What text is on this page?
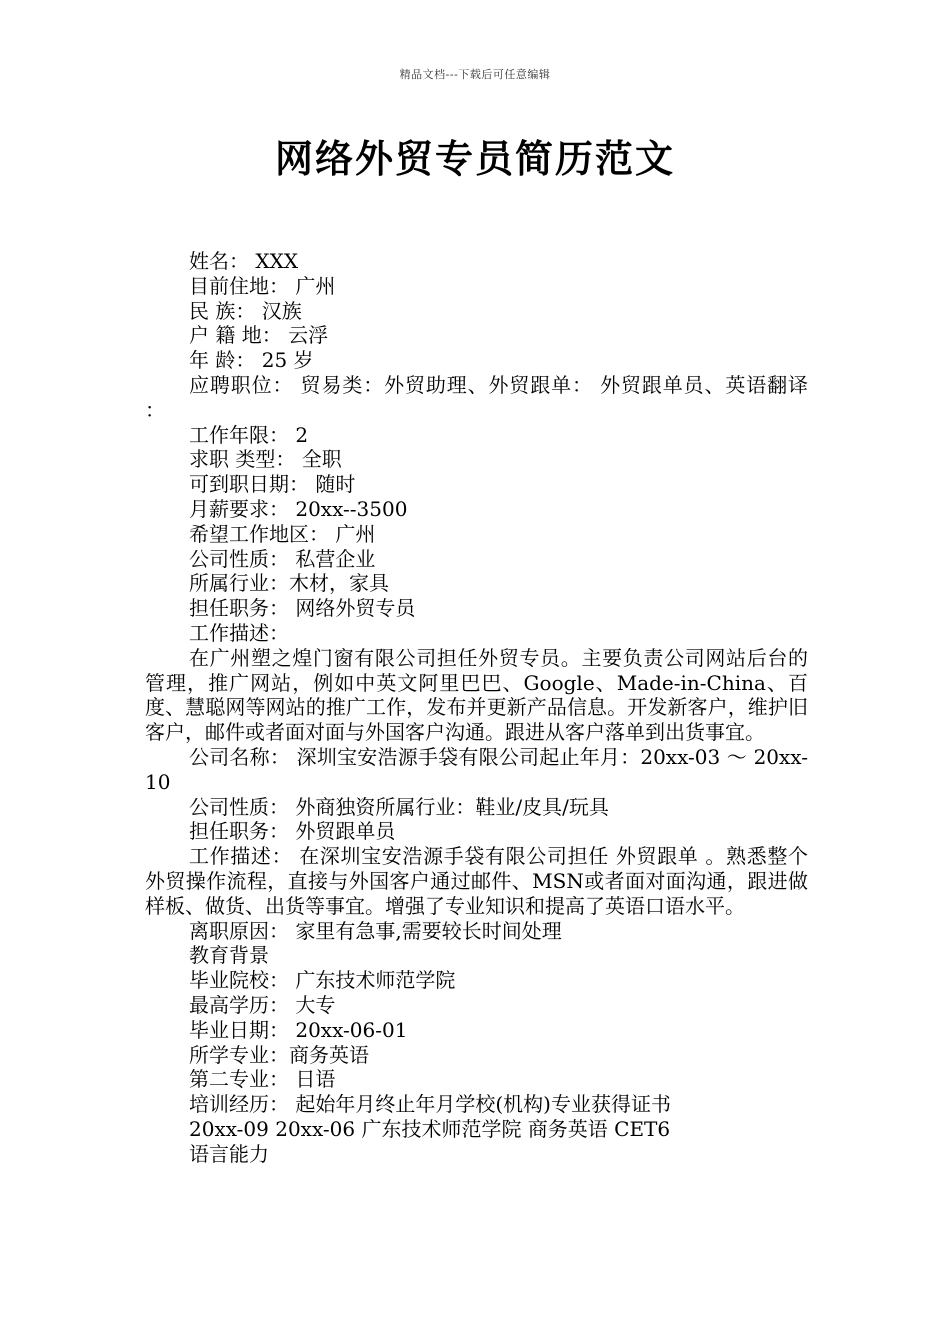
精品文档---下载后可任意编辑
网络外贸专员简历范文

姓名： XXX

目前住地： 广州

民 族： 汉族

户 籍 地： 云浮

年 龄： 25 岁

应聘职位： 贸易类：外贸助理、外贸跟单： 外贸跟单员、英语翻译 ：

工作年限： 2

求职 类型： 全职

可到职日期： 随时

月薪要求： 20xx--3500

希望工作地区： 广州

公司性质： 私营企业

所属行业：木材，家具

担任职务： 网络外贸专员

工作描述：

在广州塑之煌门窗有限公司担任外贸专员。主要负责公司网站后台的管理，推广网站，例如中英文阿里巴巴、Google、Made-in-China、百度、慧聪网等网站的推广工作，发布并更新产品信息。开发新客户，维护旧客户，邮件或者面对面与外国客户沟通。跟进从客户落单到出货事宜。

公司名称： 深圳宝安浩源手袋有限公司起止年月：20xx-03 ～ 20xx-10

公司性质： 外商独资所属行业：鞋业/皮具/玩具

担任职务： 外贸跟单员

工作描述： 在深圳宝安浩源手袋有限公司担任 外贸跟单 。熟悉整个外贸操作流程，直接与外国客户通过邮件、MSN或者面对面沟通，跟进做样板、做货、出货等事宜。增强了专业知识和提高了英语口语水平。

离职原因： 家里有急事,需要较长时间处理

教育背景

毕业院校： 广东技术师范学院

最高学历： 大专

毕业日期： 20xx-06-01

所学专业：商务英语

第二专业： 日语

培训经历： 起始年月终止年月学校(机构)专业获得证书

20xx-09 20xx-06 广东技术师范学院 商务英语 CET6

语言能力
